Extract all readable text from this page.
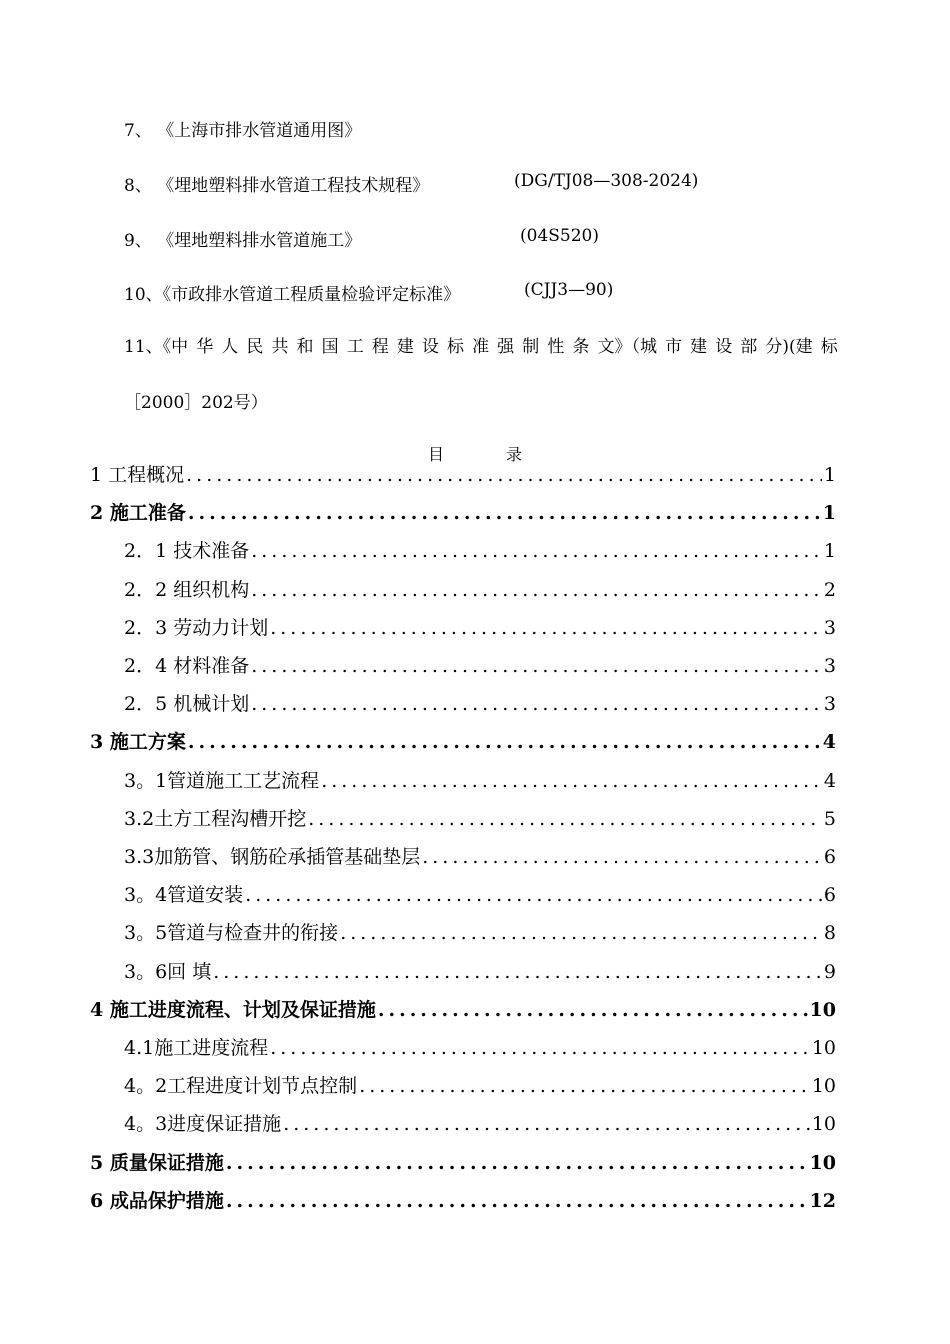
7、 《上海市排水管道通用图》
8、 《埋地塑料排水管道工程技术规程》	(DG/TJ08—308-2024)
9、 《埋地塑料排水管道施工》	(04S520)
10、《市政排水管道工程质量检验评定标准》	(CJJ3—90)
11、《中 华 人 民 共 和 国 工 程 建 设 标 准 强 制 性 条 文》（城 市 建 设 部 分)(建 标
［2000］202号）
目	录
1 工程概况 .....	1
2 施工准备 .....	1
2．1 技术准备 .....	1
2．2 组织机构 .....	2
2．3 劳动力计划 .....	3
2．4 材料准备 .....	3
2．5 机械计划 .....	3
3 施工方案 .....	4
3。1管道施工工艺流程 .....	4
3.2土方工程沟槽开挖 .....	5
3.3加筋管、钢筋砼承插管基础垫层 .....	6
3。4管道安装 .....	6
3。5管道与检查井的衔接 .....	8
3。6回 填 .....	9
4 施工进度流程、计划及保证措施 .....	10
4.1施工进度流程 .....	10
4。2工程进度计划节点控制 .....	10
4。3进度保证措施 .....	10
5 质量保证措施 .....	10
6 成品保护措施 .....	12
